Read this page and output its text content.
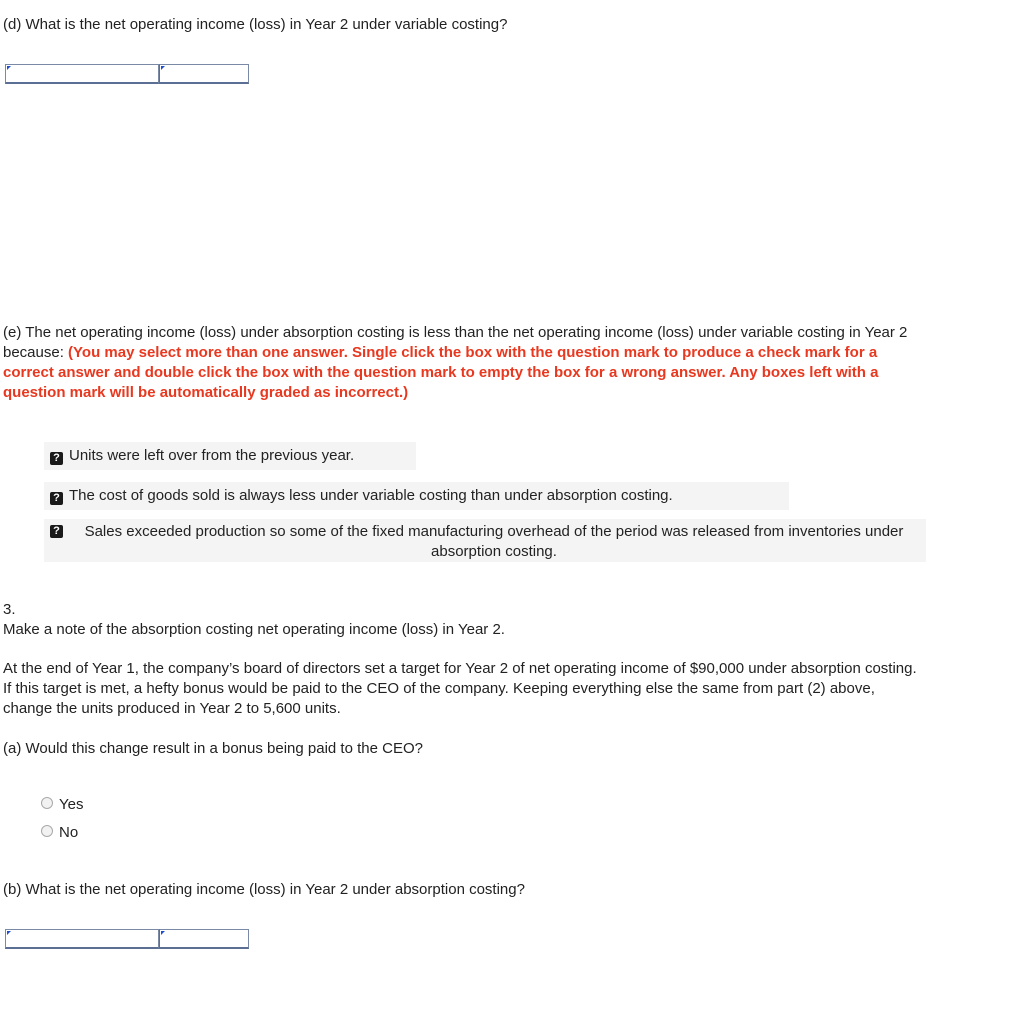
(d) What is the net operating income (loss) in Year 2 under variable costing?
(e) The net operating income (loss) under absorption costing is less than the net operating income (loss) under variable costing in Year 2 because: (You may select more than one answer. Single click the box with the question mark to produce a check mark for a correct answer and double click the box with the question mark to empty the box for a wrong answer. Any boxes left with a question mark will be automatically graded as incorrect.)
? Units were left over from the previous year.
? The cost of goods sold is always less under variable costing than under absorption costing.
?	Sales exceeded production so some of the fixed manufacturing overhead of the period was released from inventories under absorption costing.
3.
Make a note of the absorption costing net operating income (loss) in Year 2.
At the end of Year 1, the company’s board of directors set a target for Year 2 of net operating income of $90,000 under absorption costing. If this target is met, a hefty bonus would be paid to the CEO of the company. Keeping everything else the same from part (2) above, change the units produced in Year 2 to 5,600 units.
(a) Would this change result in a bonus being paid to the CEO?
Yes
No
(b) What is the net operating income (loss) in Year 2 under absorption costing?
